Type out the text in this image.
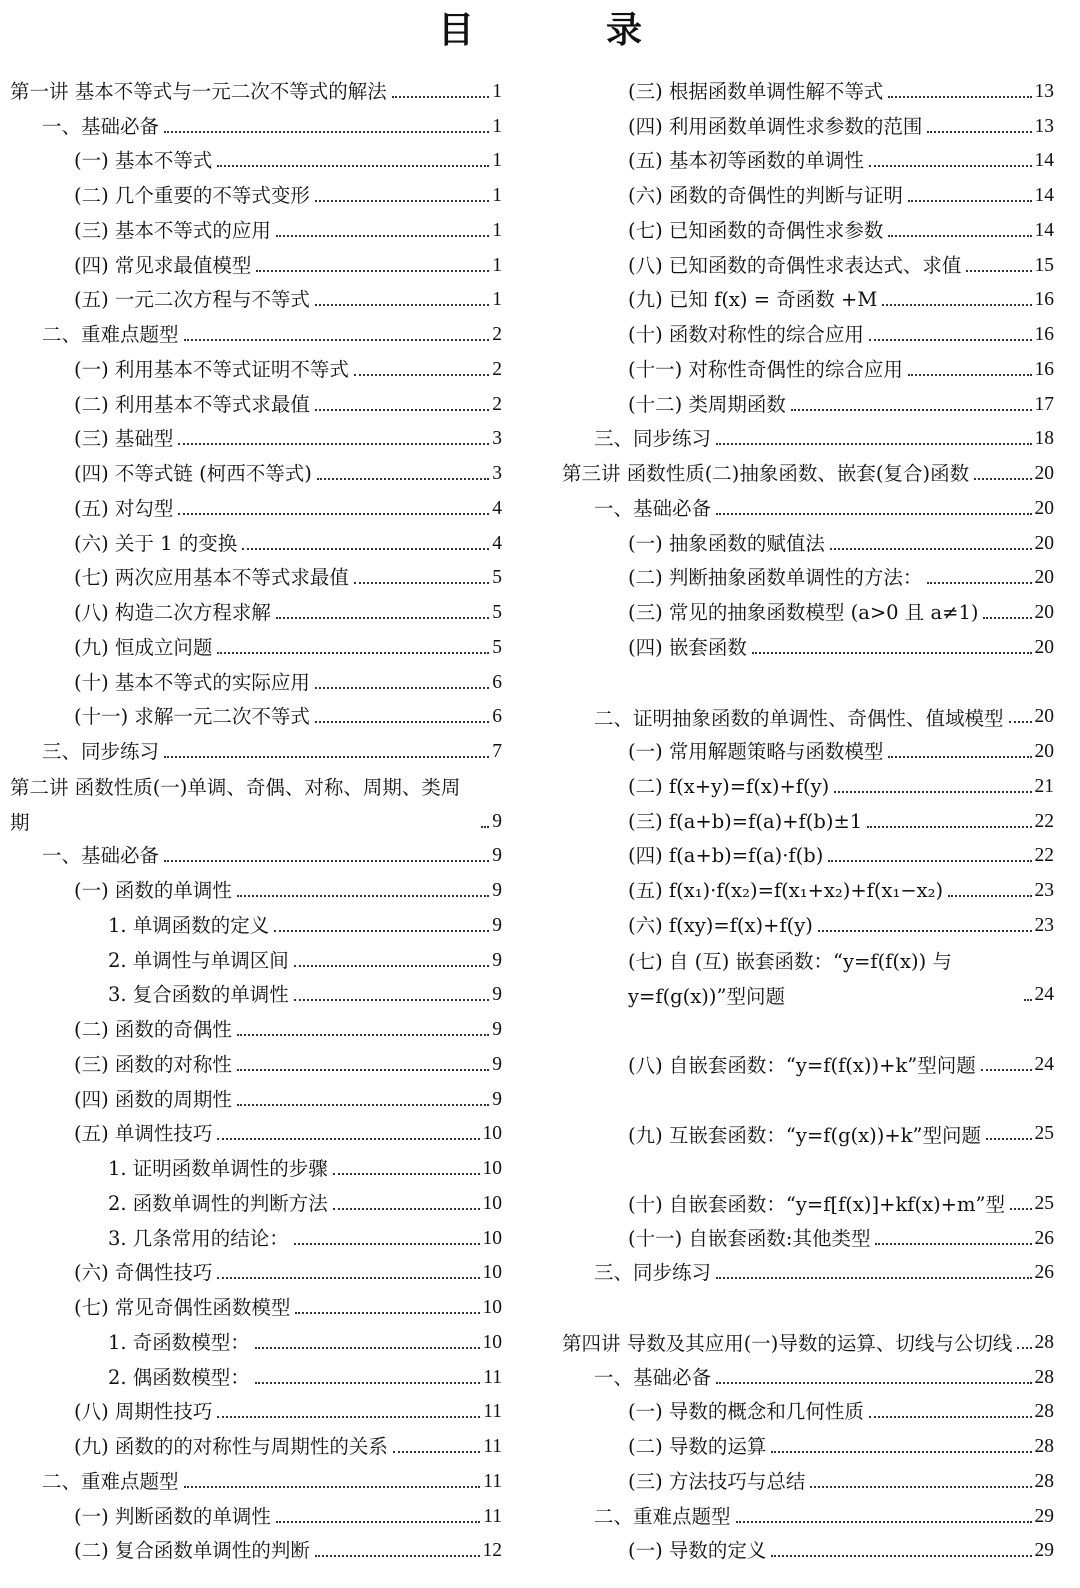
目　录
第一讲 基本不等式与一元二次不等式的解法	1
一、基础必备	1
(一) 基本不等式	1
(二) 几个重要的不等式变形	1
(三) 基本不等式的应用	1
(四) 常见求最值模型	1
(五) 一元二次方程与不等式	1
二、重难点题型	2
(一) 利用基本不等式证明不等式	2
(二) 利用基本不等式求最值	2
(三) 基础型	3
(四) 不等式链 (柯西不等式)	3
(五) 对勾型	4
(六) 关于 1 的变换	4
(七) 两次应用基本不等式求最值	5
(八) 构造二次方程求解	5
(九) 恒成立问题	5
(十) 基本不等式的实际应用	6
(十一) 求解一元二次不等式	6
三、同步练习	7
第二讲 函数性质(一)单调、奇偶、对称、周期、类周期	9
一、基础必备	9
(一) 函数的单调性	9
1. 单调函数的定义	9
2. 单调性与单调区间	9
3. 复合函数的单调性	9
(二) 函数的奇偶性	9
(三) 函数的对称性	9
(四) 函数的周期性	9
(五) 单调性技巧	10
1. 证明函数单调性的步骤	10
2. 函数单调性的判断方法	10
3. 几条常用的结论：	10
(六) 奇偶性技巧	10
(七) 常见奇偶性函数模型	10
1. 奇函数模型：	10
2. 偶函数模型：	11
(八) 周期性技巧	11
(九) 函数的的对称性与周期性的关系	11
二、重难点题型	11
(一) 判断函数的单调性	11
(二) 复合函数单调性的判断	12
(三) 根据函数单调性解不等式	13
(四) 利用函数单调性求参数的范围	13
(五) 基本初等函数的单调性	14
(六) 函数的奇偶性的判断与证明	14
(七) 已知函数的奇偶性求参数	14
(八) 已知函数的奇偶性求表达式、求值	15
(九) 已知 f(x) = 奇函数 +M	16
(十) 函数对称性的综合应用	16
(十一) 对称性奇偶性的综合应用	16
(十二) 类周期函数	17
三、同步练习	18
第三讲 函数性质(二)抽象函数、嵌套(复合)函数	20
一、基础必备	20
(一) 抽象函数的赋值法	20
(二) 判断抽象函数单调性的方法：	20
(三) 常见的抽象函数模型 (a>0 且 a≠1)	20
(四) 嵌套函数	20
二、证明抽象函数的单调性、奇偶性、值域模型 20
(一) 常用解题策略与函数模型	20
(二) f(x+y)=f(x)+f(y)	21
(三) f(a+b)=f(a)+f(b)±1	22
(四) f(a+b)=f(a)·f(b)	22
(五) f(x₁)·f(x₂)=f(x₁+x₂)+f(x₁−x₂)	23
(六) f(xy)=f(x)+f(y)	23
(七) 自 (互) 嵌套函数：“y=f(f(x)) 与 y=f(g(x))”型问题	24
(八) 自嵌套函数：“y=f(f(x))+k”型问题	24
(九) 互嵌套函数：“y=f(g(x))+k”型问题	25
(十) 自嵌套函数：“y=f[f(x)]+kf(x)+m”型 25
(十一) 自嵌套函数:其他类型	26
三、同步练习	26
第四讲 导数及其应用(一)导数的运算、切线与公切线 28
一、基础必备	28
(一) 导数的概念和几何性质	28
(二) 导数的运算	28
(三) 方法技巧与总结	28
二、重难点题型	29
(一) 导数的定义	29
